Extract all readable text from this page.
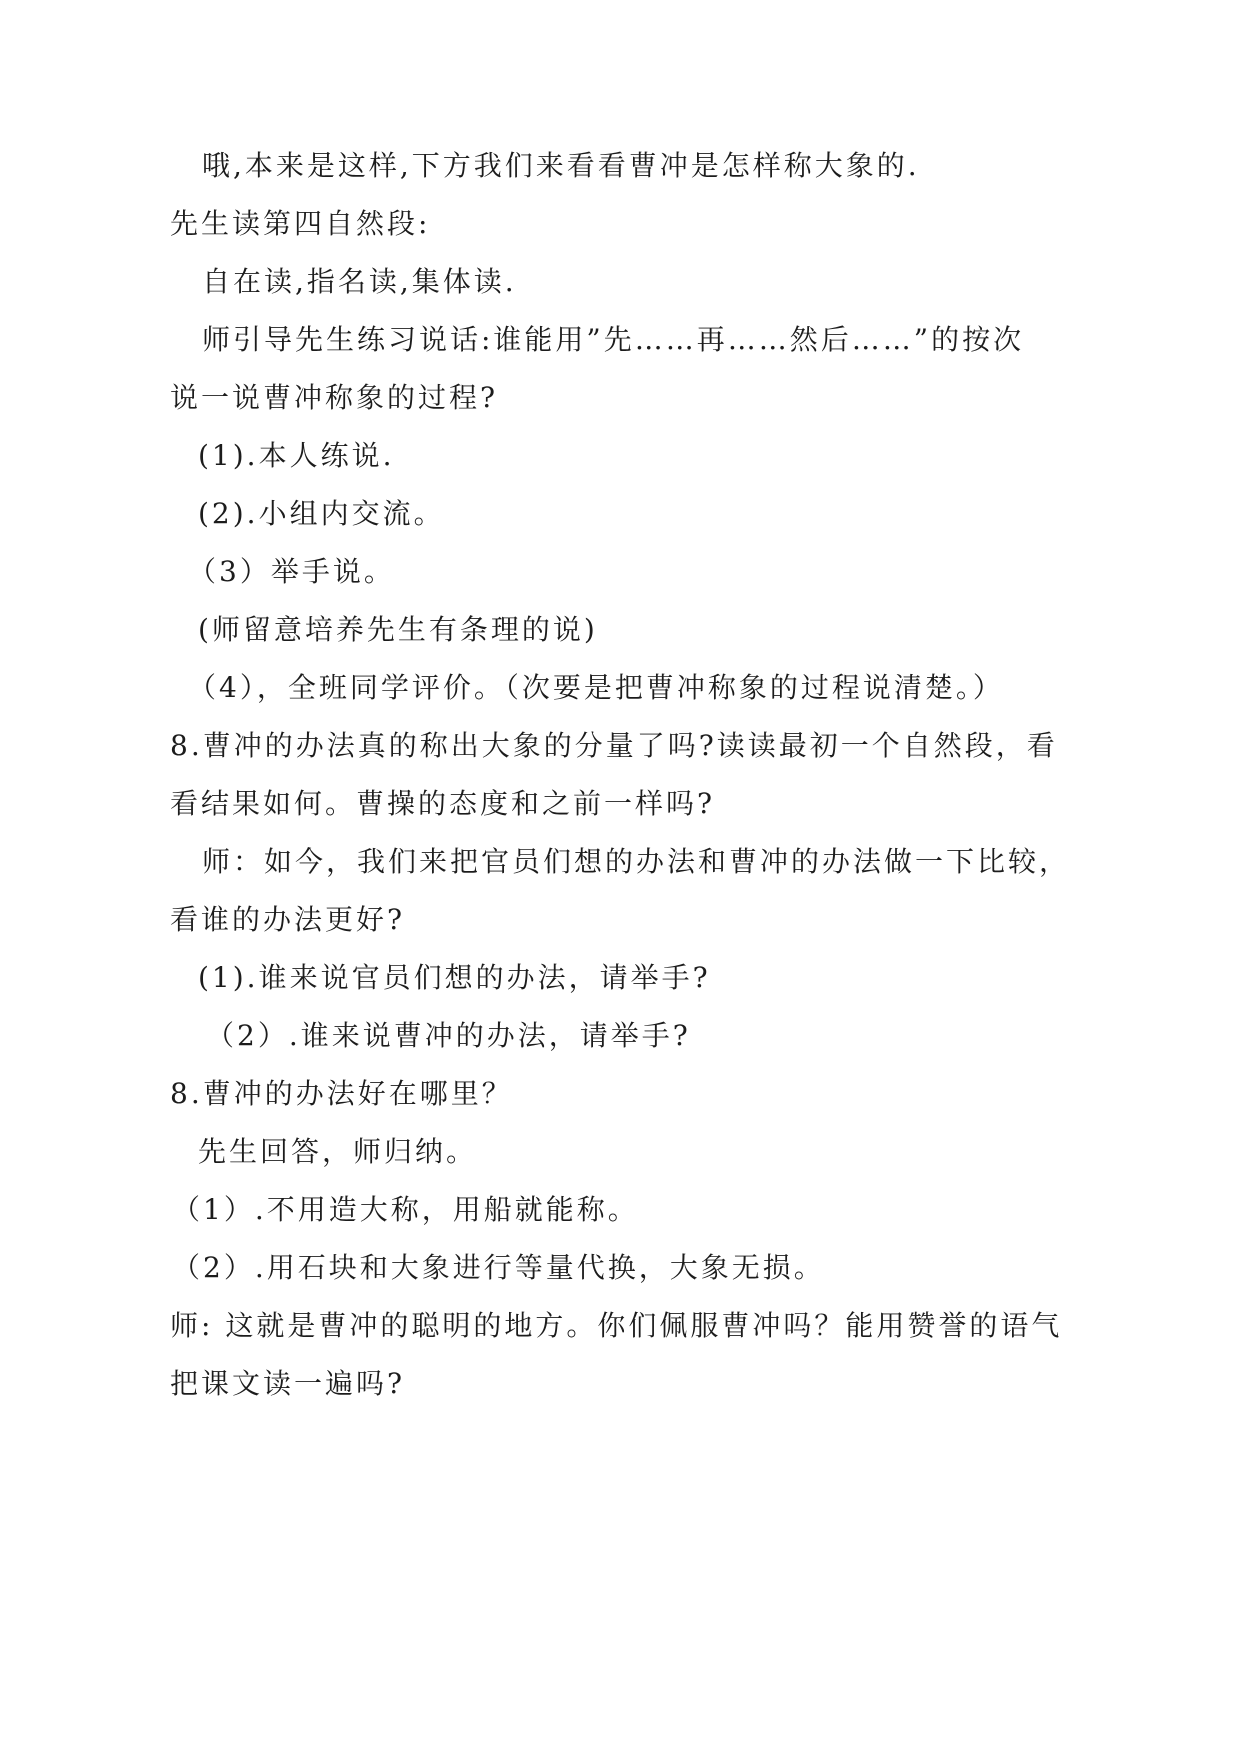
哦,本来是这样,下方我们来看看曹冲是怎样称大象的.
先生读第四自然段:
自在读,指名读,集体读.
师引导先生练习说话:谁能用”先……再……然后……”的按次
说一说曹冲称象的过程?
(1).本人练说.
(2).小组内交流。
（3）举手说。
(师留意培养先生有条理的说)
（4），全班同学评价。（次要是把曹冲称象的过程说清楚。）
8.曹冲的办法真的称出大象的分量了吗?读读最初一个自然段，看
看结果如何。曹操的态度和之前一样吗?
师：如今，我们来把官员们想的办法和曹冲的办法做一下比较，
看谁的办法更好?
(1).谁来说官员们想的办法，请举手?
（2）.谁来说曹冲的办法，请举手?
8.曹冲的办法好在哪里？
先生回答，师归纳。
（1）.不用造大称，用船就能称。
（2）.用石块和大象进行等量代换，大象无损。
师: 这就是曹冲的聪明的地方。你们佩服曹冲吗？能用赞誉的语气
把课文读一遍吗?
